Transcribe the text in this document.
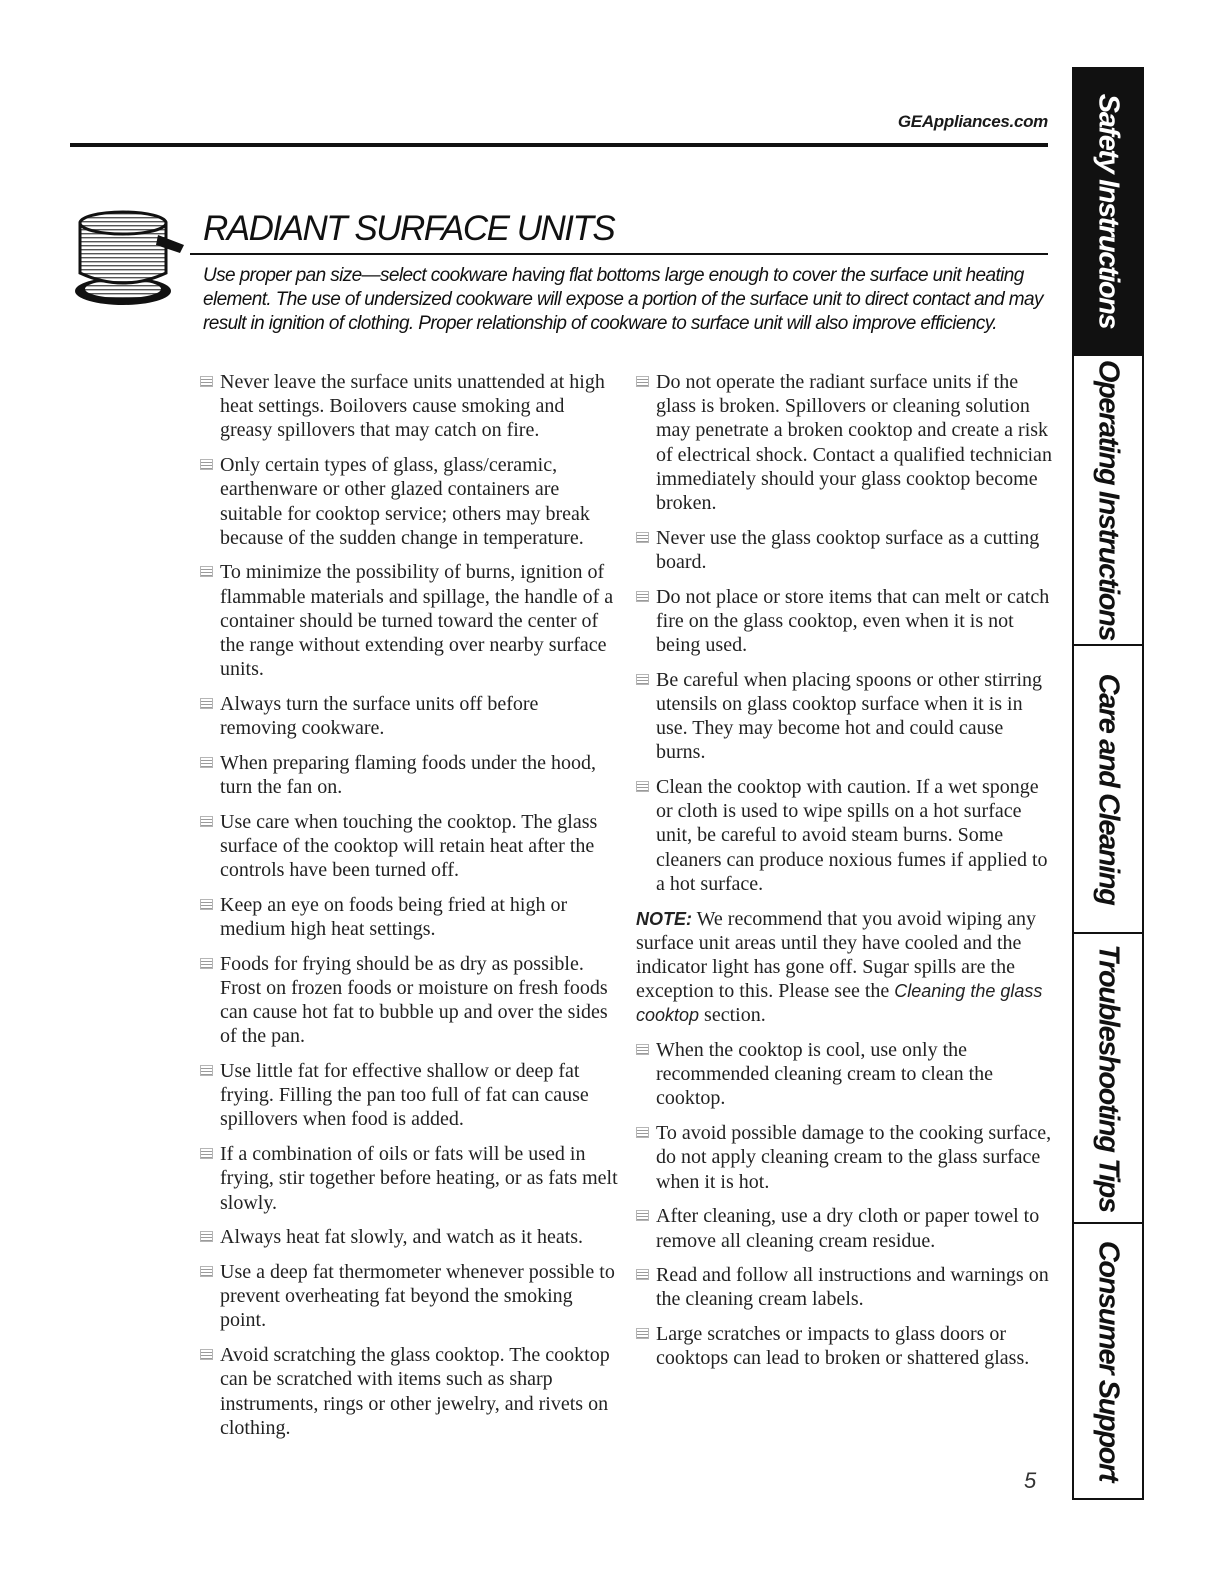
GEAppliances.com
RADIANT SURFACE UNITS
Use proper pan size—select cookware having flat bottoms large enough to cover the surface unit heating element. The use of undersized cookware will expose a portion of the surface unit to direct contact and may result in ignition of clothing. Proper relationship of cookware to surface unit will also improve efficiency.
Never leave the surface units unattended at high heat settings. Boilovers cause smoking and greasy spillovers that may catch on fire.
Only certain types of glass, glass/ceramic, earthenware or other glazed containers are suitable for cooktop service; others may break because of the sudden change in temperature.
To minimize the possibility of burns, ignition of flammable materials and spillage, the handle of a container should be turned toward the center of the range without extending over nearby surface units.
Always turn the surface units off before removing cookware.
When preparing flaming foods under the hood, turn the fan on.
Use care when touching the cooktop. The glass surface of the cooktop will retain heat after the controls have been turned off.
Keep an eye on foods being fried at high or medium high heat settings.
Foods for frying should be as dry as possible. Frost on frozen foods or moisture on fresh foods can cause hot fat to bubble up and over the sides of the pan.
Use little fat for effective shallow or deep fat frying. Filling the pan too full of fat can cause spillovers when food is added.
If a combination of oils or fats will be used in frying, stir together before heating, or as fats melt slowly.
Always heat fat slowly, and watch as it heats.
Use a deep fat thermometer whenever possible to prevent overheating fat beyond the smoking point.
Avoid scratching the glass cooktop. The cooktop can be scratched with items such as sharp instruments, rings or other jewelry, and rivets on clothing.
Do not operate the radiant surface units if the glass is broken. Spillovers or cleaning solution may penetrate a broken cooktop and create a risk of electrical shock. Contact a qualified technician immediately should your glass cooktop become broken.
Never use the glass cooktop surface as a cutting board.
Do not place or store items that can melt or catch fire on the glass cooktop, even when it is not being used.
Be careful when placing spoons or other stirring utensils on glass cooktop surface when it is in use. They may become hot and could cause burns.
Clean the cooktop with caution. If a wet sponge or cloth is used to wipe spills on a hot surface unit, be careful to avoid steam burns. Some cleaners can produce noxious fumes if applied to a hot surface.
NOTE: We recommend that you avoid wiping any surface unit areas until they have cooled and the indicator light has gone off. Sugar spills are the exception to this. Please see the Cleaning the glass cooktop section.
When the cooktop is cool, use only the recommended cleaning cream to clean the cooktop.
To avoid possible damage to the cooking surface, do not apply cleaning cream to the glass surface when it is hot.
After cleaning, use a dry cloth or paper towel to remove all cleaning cream residue.
Read and follow all instructions and warnings on the cleaning cream labels.
Large scratches or impacts to glass doors or cooktops can lead to broken or shattered glass.
5
Safety Instructions
Operating Instructions
Care and Cleaning
Troubleshooting Tips
Consumer Support
